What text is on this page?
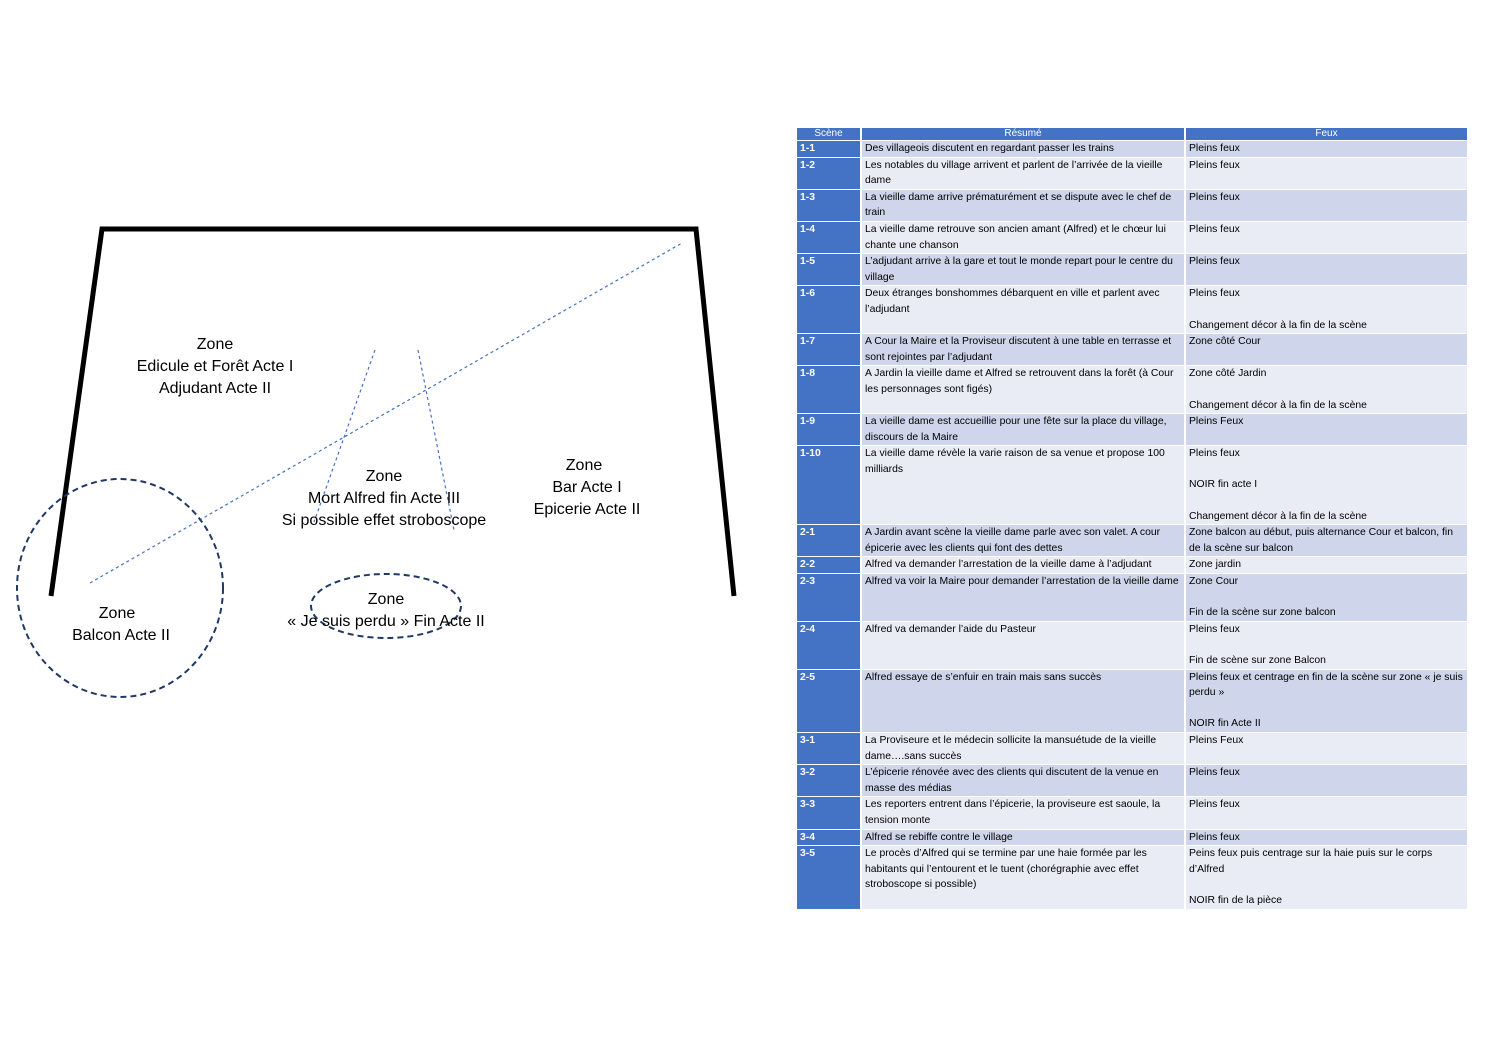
Zone
Edicule et Forêt Acte I
Adjudant Acte II
Zone
Mort Alfred fin Acte III
Si possible effet stroboscope
Zone
Bar Acte I
Epicerie Acte II
Zone
« Je suis perdu » Fin Acte II
Zone
Balcon Acte II
Scène	Résumé	Feux
1-1	Des villageois discutent en regardant passer les trains	Pleins feux

1-2	Les notables du village arrivent et parlent de l’arrivée de la vieille dame	Pleins feux

1-3	La vieille dame arrive prématurément et se dispute avec le chef de train	Pleins feux

1-4	La vieille dame retrouve son ancien amant (Alfred) et le chœur lui chante une chanson	Pleins feux

1-5	L’adjudant arrive à la gare et tout le monde repart pour le centre du village	Pleins feux

1-6	Deux étranges bonshommes débarquent en ville et parlent avec l’adjudant	Pleins feux
Changement décor à la fin de la scène

1-7	A Cour la Maire et la Proviseur discutent à une table en terrasse et sont rejointes par l’adjudant	Zone côté Cour

1-8	A Jardin la vieille dame et Alfred se retrouvent dans la forêt (à Cour les personnages sont figés)	Zone côté Jardin
Changement décor à la fin de la scène

1-9	La vieille dame est accueillie pour une fête sur la place du village, discours de la Maire	Pleins Feux

1-10	La vieille dame révèle la varie raison de sa venue et propose 100 milliards	Pleins feux
NOIR fin acte I
Changement décor à la fin de la scène

2-1	A Jardin avant scène la vieille dame parle avec son valet. A cour épicerie avec les clients qui font des dettes	Zone balcon au début, puis alternance Cour et balcon, fin de la scène sur balcon

2-2	Alfred va demander l’arrestation de la vieille dame à l’adjudant	Zone jardin

2-3	Alfred va voir la Maire pour demander l’arrestation de la vieille dame	Zone Cour
Fin de la scène sur zone balcon

2-4	Alfred va demander l’aide du Pasteur	Pleins feux
Fin de scène sur zone Balcon

2-5	Alfred essaye de s’enfuir en train mais sans succès	Pleins feux et centrage en fin de la scène sur zone « je suis perdu »
NOIR fin Acte II

3-1	La Proviseure et le médecin sollicite la mansuétude de la vieille dame….sans succès	Pleins Feux

3-2	L’épicerie rénovée avec des clients qui discutent de la venue en masse des médias	Pleins feux

3-3	Les reporters entrent dans l’épicerie, la proviseure est saoule, la tension monte	Pleins feux

3-4	Alfred se rebiffe contre le village	Pleins feux

3-5	Le procès d’Alfred qui se termine par une haie formée par les habitants qui l’entourent et le tuent (chorégraphie avec effet stroboscope si possible)	Peins feux puis centrage sur la haie puis sur le corps d’Alfred
NOIR fin de la pièce
